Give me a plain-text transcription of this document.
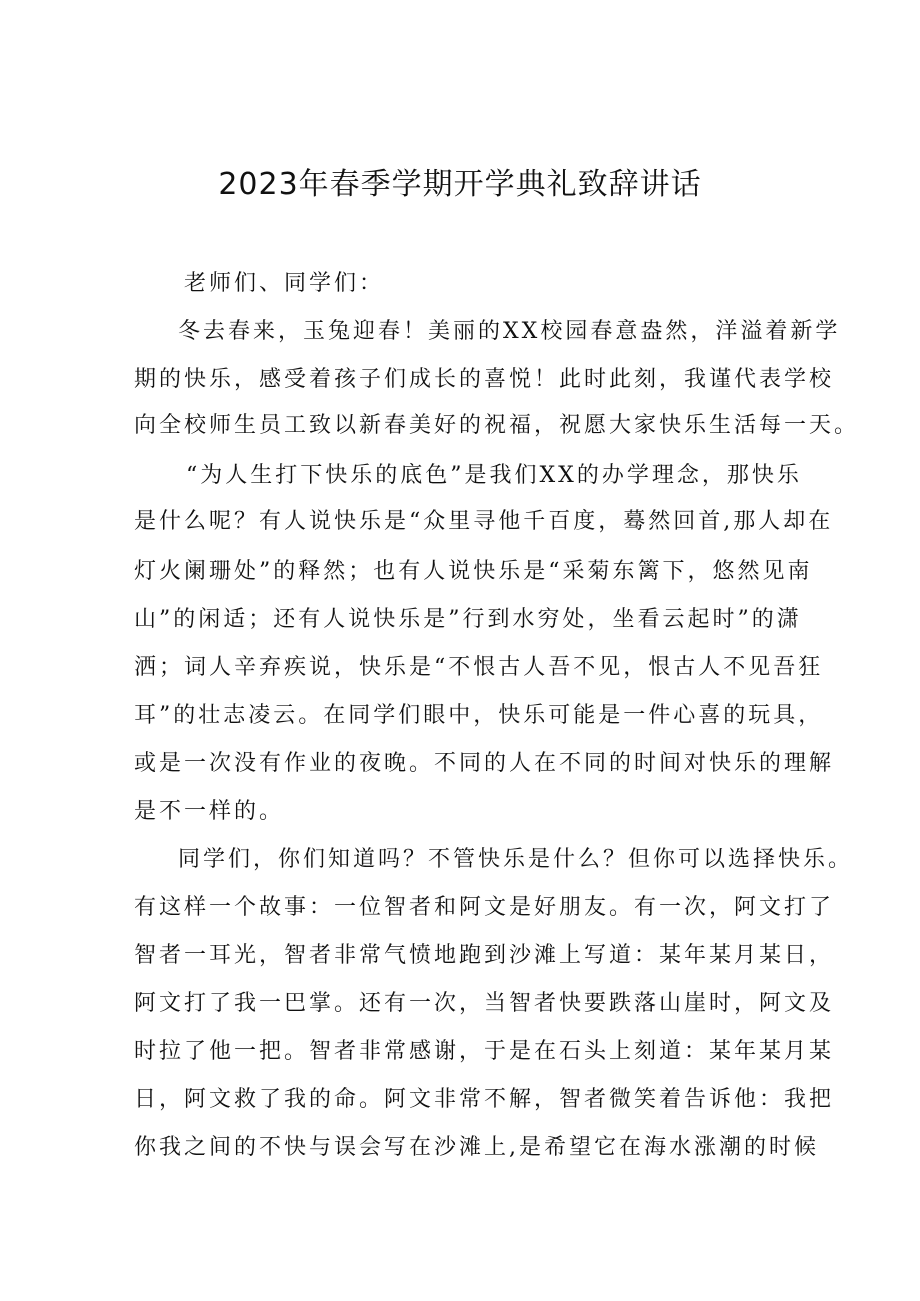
2023年春季学期开学典礼致辞讲话
老师们、同学们：
冬去春来，玉兔迎春！美丽的XX校园春意盎然，洋溢着新学
期的快乐，感受着孩子们成长的喜悦！此时此刻，我谨代表学校
向全校师生员工致以新春美好的祝福，祝愿大家快乐生活每一天。
“为人生打下快乐的底色”是我们XX的办学理念，那快乐
是什么呢？有人说快乐是“众里寻他千百度，蓦然回首,那人却在
灯火阑珊处”的释然；也有人说快乐是“采菊东篱下，悠然见南
山”的闲适；还有人说快乐是”行到水穷处，坐看云起时”的潇
洒；词人辛弃疾说，快乐是“不恨古人吾不见，恨古人不见吾狂
耳”的壮志凌云。在同学们眼中，快乐可能是一件心喜的玩具，
或是一次没有作业的夜晚。不同的人在不同的时间对快乐的理解
是不一样的。
同学们，你们知道吗？不管快乐是什么？但你可以选择快乐。
有这样一个故事：一位智者和阿文是好朋友。有一次，阿文打了
智者一耳光，智者非常气愤地跑到沙滩上写道：某年某月某日，
阿文打了我一巴掌。还有一次，当智者快要跌落山崖时，阿文及
时拉了他一把。智者非常感谢，于是在石头上刻道：某年某月某
日，阿文救了我的命。阿文非常不解，智者微笑着告诉他：我把
你我之间的不快与误会写在沙滩上,是希望它在海水涨潮的时候
